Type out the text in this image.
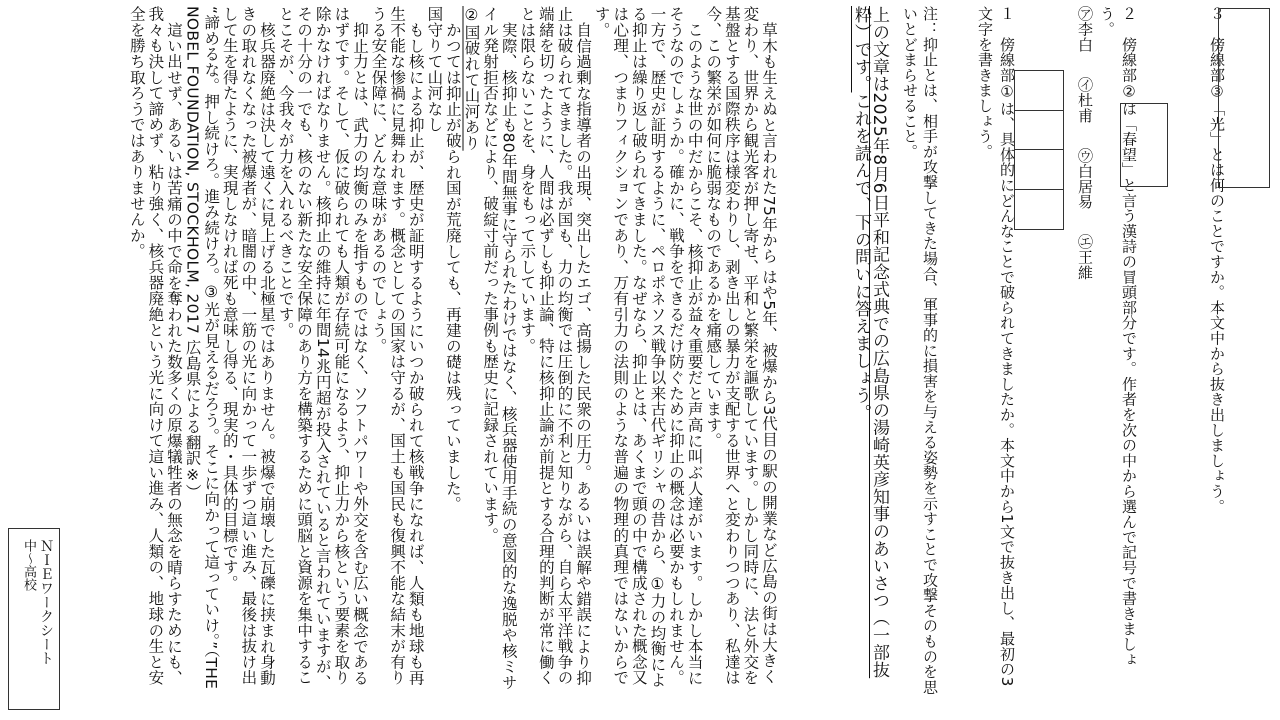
草木も生えぬと言われた75年から はや5年、被爆から3代目の駅の開業など広島の街は大きく変わり、世界から観光客が押し寄せ、平和と繁栄を謳歌しています。しかし同時に、法と外交を基盤とする国際秩序は様変わりし、剥き出しの暴力が支配する世界へと変わりつつあり、私達は今、この繁栄が如何に脆弱なものであるかを痛感しています。

このような世の中だからこそ、核抑止が益々重要だと声高に叫ぶ人達がいます。しかし本当にそうなのでしょうか。確かに、戦争をできるだけ防ぐために抑止の概念は必要かもしれません。一方で、歴史が証明するように、ペロポネソス戦争以来古代ギリシャの昔から、①力の均衡による抑止は繰り返し破られてきました。なぜなら、抑止とは、あくまで頭の中で構成された概念又は心理、つまりフィクションであり、万有引力の法則のような普遍の物理的真理ではないからです。

自信過剰な指導者の出現、突出したエゴ、高揚した民衆の圧力。あるいは誤解や錯誤により抑止は破られてきました。我が国も、力の均衡では圧倒的に不利と知りながら、自ら太平洋戦争の端緒を切ったように、人間は必ずしも抑止論、特に核抑止論が前提とする合理的判断が常に働くとは限らないことを、身をもって示しています。

実際、核抑止も80年間無事に守られたわけではなく、核兵器使用手続の意図的な逸脱や核ミサイル発射拒否などにより、破綻寸前だった事例も歴史に記録されています。

②国破れて山河あり

かつては抑止が破られ国が荒廃しても、再建の礎は残っていました。

国守りて山河なし

もし核による抑止が、歴史が証明するようにいつか破られて核戦争になれば、人類も地球も再生不能な惨禍に見舞われます。概念としての国家は守るが、国土も国民も復興不能な結末が有りうる安全保障に、どんな意味があるのでしょう。

抑止力とは、武力の均衡のみを指すものではなく、ソフトパワーや外交を含む広い概念であるはずです。そして、仮に破られても人類が存続可能になるよう、抑止力から核という要素を取り除かなければなりません。核抑止の維持に年間14兆円超が投入されていると言われていますが、その十分の一でも、核のない新たな安全保障のあり方を構築するために頭脳と資源を集中することこそが、今我々が力を入れるべきことです。

核兵器廃絶は決して遠くに見上げる北極星ではありません。被爆で崩壊した瓦礫に挟まれ身動きの取れなくなった被爆者が、暗闇の中、一筋の光に向かって一歩ずつ這い進み、最後は抜け出して生を得たように、実現しなければ死も意味し得る、現実的・具体的目標です。

“諦めるな。押し続けろ。進み続けろ。③光が見えるだろう。そこに向かって這っていけ。”（THE NOBEL FOUNDATION, STOCKHOLM, 2017 広島県による翻訳※）

這い出せず、あるいは苦痛の中で命を奪われた数多くの原爆犠牲者の無念を晴らすためにも、我々も決して諦めず、粘り強く、核兵器廃絶という光に向けて這い進み、人類の、地球の生と安全を勝ち取ろうではありませんか。	上の文章は2025年8月6日平和記念式典での広島県の湯崎英彦知事のあいさつ（一部抜粋）です。これを読んで、下の問いに答えましょう。	注：抑止とは、相手が攻撃してきた場合、軍事的に損害を与える姿勢を示すことで攻撃そのものを思いとどまらせること。	１　傍線部①は、具体的にどんなことで破られてきましたか。本文中から1文で抜き出し、最初の3文字を書きましょう。	２　傍線部②は「春望」と言う漢詩の冒頭部分です。作者を次の中から選んで記号で書きましょう。
㋐李白 ㋑杜甫 ㋒白居易 ㋓王維	３　傍線部③「光」とは何のことですか。本文中から抜き出しましょう。
ＮＩＥワークシート
中～高校
